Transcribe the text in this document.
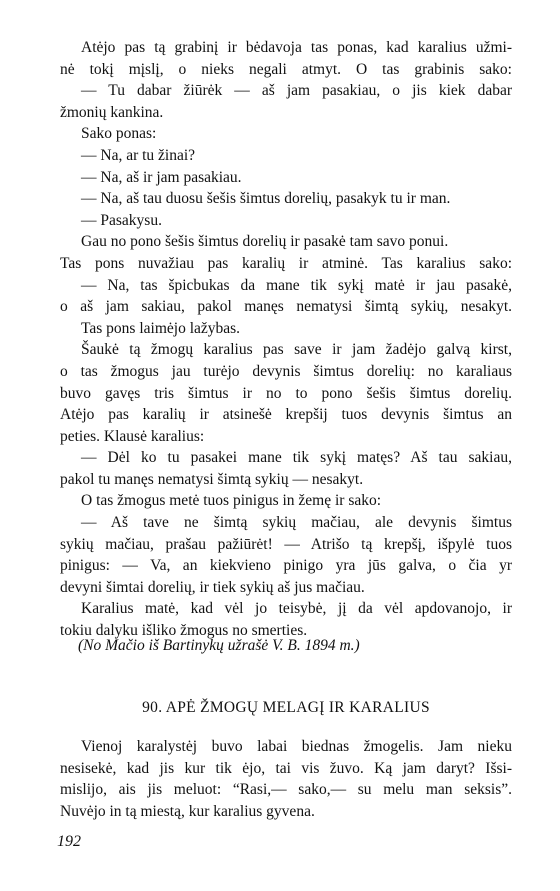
Atėjo pas tą grabinį ir bėdavoja tas ponas, kad karalius užmi-
nė tokį mįslį, o nieks negali atmyt. O tas grabinis sako:
— Tu dabar žiūrėk — aš jam pasakiau, o jis kiek dabar
žmonių kankina.
Sako ponas:
— Na, ar tu žinai?
— Na, aš ir jam pasakiau.
— Na, aš tau duosu šešis šimtus dorelių, pasakyk tu ir man.
— Pasakysu.
Gau no pono šešis šimtus dorelių ir pasakė tam savo ponui.
Tas pons nuvažiau pas karalių ir atminė. Tas karalius sako:
— Na, tas špicbukas da mane tik sykį matė ir jau pasakė,
o aš jam sakiau, pakol manęs nematysi šimtą sykių, nesakyt.
Tas pons laimėjo lažybas.
Šaukė tą žmogų karalius pas save ir jam žadėjo galvą kirst,
o tas žmogus jau turėjo devynis šimtus dorelių: no karaliaus
buvo gavęs tris šimtus ir no to pono šešis šimtus dorelių.
Atėjo pas karalių ir atsinešė krepšij tuos devynis šimtus an
peties. Klausė karalius:
— Dėl ko tu pasakei mane tik sykį matęs? Aš tau sakiau,
pakol tu manęs nematysi šimtą sykių — nesakyt.
O tas žmogus metė tuos pinigus in žemę ir sako:
— Aš tave ne šimtą sykių mačiau, ale devynis šimtus
sykių mačiau, prašau pažiūrėt! — Atrišo tą krepšį, išpylė tuos
pinigus: — Va, an kiekvieno pinigo yra jūs galva, o čia yr
devyni šimtai dorelių, ir tiek sykių aš jus mačiau.
Karalius matė, kad vėl jo teisybė, jį da vėl apdovanojo, ir
tokiu dalyku išliko žmogus no smerties.
(No Mačio iš Bartinykų užrašė V. B. 1894 m.)
90. APĖ ŽMOGŲ MELAGĮ IR KARALIUS
Vienoj karalystėj buvo labai biednas žmogelis. Jam nieku
nesisekė, kad jis kur tik ėjo, tai vis žuvo. Ką jam daryt? Išsi-
mislijo, ais jis meluot: “Rasi,— sako,— su melu man seksis”.
Nuvėjo in tą miestą, kur karalius gyvena.
192
